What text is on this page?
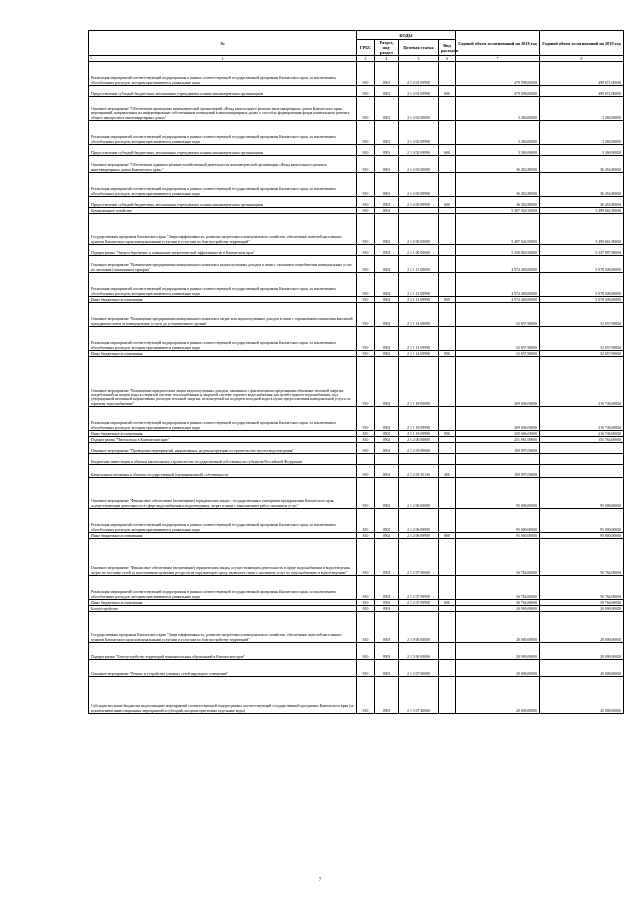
№	КОДЫ				Годовой объем ассигнований на 2018 год	Годовой объем ассигнований на 2019 год
	ГРБС	Раздел, под-раздел	Целевая статья	Вид расходов		

1 2	3	4	5	6	7	8
Реализация мероприятий соответствующей подпрограммы в рамках соответствующей государственной программы Камчатского края, за исключением обособленных расходов, которым присваиваются уникальные коды	810	0501	2 1 4 01 09990		479 598,00000	499 671,00000
Предоставление субсидий бюджетным, автономным учреждениям и иным некоммерческим организациям	810	0501	2 1 4 01 09990	600	479 598,00000	499 671,00000
Основное мероприятие "Обеспечение проведения некоммерческой организацией «Фонд капитального ремонта многоквартирных домов Камчатского края» мероприятий, направленных на информирование собственников помещений в многоквартирных домах о способах формирования фонда капитального ремонта общего имущества в многоквартирных домах"	810	0501	2 1 4 02 00000		3 260,00000	3 260,00000
Реализация мероприятий соответствующей подпрограммы в рамках соответствующей государственной программы Камчатского края, за исключением обособленных расходов, которым присваиваются уникальные коды	810	0501	2 1 4 02 09990		3 260,00000	3 260,00000
Предоставление субсидий бюджетным, автономным учреждениям и иным некоммерческим организациям	810	0501	2 1 4 02 09990	600	3 260,00000	3 260,00000
Основное мероприятие "Обеспечение административно-хозяйственной деятельности некоммерческой организации «Фонд капитального ремонта многоквартирных домов Камчатского края»"	810	0501	2 1 4 03 00000		36 452,80000	36 452,80000
Реализация мероприятий соответствующей подпрограммы в рамках соответствующей государственной программы Камчатского края, за исключением обособленных расходов, которым присваиваются уникальные коды	810	0501	2 1 4 03 09990		36 452,80000	36 452,80000
Предоставление субсидий бюджетным, автономным учреждениям и иным некоммерческим организациям	810	0501	2 1 4 03 09990	600	36 452,80000	36 452,80000
Коммунальное хозяйство	810	0502			5 487 924,93000	5 499 661,90000
Государственная программа Камчатского края "Энергоэффективность, развитие энергетики и коммунального хозяйства, обеспечение жителей населенных пунктов Камчатского края коммунальными услугами и услугами по благоустройству территорий"	810	0502	2 1 0 00 00000		5 487 924,93000	5 499 661,90000
Подпрограмма "Энергосбережение и повышение энергетической эффективности в Камчатском крае"	810	0502	2 1 1 00 00000		5 236 063,93000	5 347 897,90000
Основное мероприятие "Возмещение предприятиям коммунального комплекса недополученных доходов в связи с оказанием потребителям коммунальных услуг по льготным (сниженным) тарифам"	810	0502	2 1 1 13 00000		4 974 400,00000	5 078 500,00000
Реализация мероприятий соответствующей подпрограммы в рамках соответствующей государственной программы Камчатского края, за исключением обособленных расходов, которым присваиваются уникальные коды	810	0502	2 1 1 13 09990		4 974 400,00000	5 078 500,00000
Иные бюджетные ассигнования	810	0502	2 1 1 13 09990	800	4 974 400,00000	5 078 500,00000
Основное мероприятие "Возмещение предприятиям коммунального комплекса затрат или недополученных доходов в связи с ограничением изменения вносимой гражданами платы за коммунальные услуги до установленного уровня"	810	0502	2 1 1 14 00000		52 657,90000	52 657,90000
Реализация мероприятий соответствующей подпрограммы в рамках соответствующей государственной программы Камчатского края, за исключением обособленных расходов, которым присваиваются уникальные коды	810	0502	2 1 1 14 09990		52 657,90000	52 657,90000
Иные бюджетные ассигнования	810	0502	2 1 1 14 09990	800	52 657,90000	52 657,90000
Основное мероприятие "Возмещение юридическим лицам недополученных доходов, связанных с фактическими предельными объемами тепловой энергии, потребленной на нагрев воды в открытой системе теплоснабжения и закрытой системе горячего водоснабжения для целей горячего водоснабжения, под утвержденной величиной нормативных расходов тепловой энергии, используемой на подогрев холодной воды в целях предоставления коммунальной услуги по горячему водоснабжению"	810	0502	2 1 1 18 00000		209 006,03000	216 740,00000
Реализация мероприятий соответствующей подпрограммы в рамках соответствующей государственной программы Камчатского края, за исключением обособленных расходов, которым присваиваются уникальные коды	810	0502	2 1 1 18 09990		209 006,03000	216 740,00000
Иные бюджетные ассигнования	810	0502	2 1 1 18 09990	800	209 006,03000	216 740,00000
Подпрограмма "Чистая вода в Камчатском крае"	810	0502	2 1 2 00 00000		251 861,00000	151 764,00000
Основное мероприятие "Проведение мероприятий, направленных на реконструкцию и строительство систем водоотведения"	810	0502	2 1 2 03 00000		100 097,03000	
Бюджетные инвестиции в объекты капитального строительства государственной собственности субъектов Российской Федерации						
Капитальные вложения в объекты государственной (муниципальной) собственности	810	0502	2 1 2 03 10130	400	100 097,03000	
Основное мероприятие "Финансовое обеспечение (возмещение) юридическим лицам - государственным унитарным предприятиям Камчатского края, осуществляющим деятельность в сфере водоснабжения и водоотведения, затрат в связи с выполнением работ, оказанием услуг"	810	0502	2 1 2 06 00000		95 000,00000	95 000,00000
Реализация мероприятий соответствующей подпрограммы в рамках соответствующей государственной программы Камчатского края, за исключением обособленных расходов, которым присваиваются уникальные коды	810	0502	2 1 2 06 09990		95 000,00000	95 000,00000
Иные бюджетные ассигнования	810	0502	2 1 2 06 09990	800	95 000,00000	95 000,00000
Основное мероприятие "Финансовое обеспечение (возмещение) юридическим лицам, осуществляющим деятельность в сфере водоснабжения и водоотведения, затрат по поставке сетей за населенными пунктами ресурсов на окружающую среду, включая в связи с оказанием услуг по водоснабжению и водоотведению"	810	0502	2 1 2 07 00000		56 764,00000	56 764,00000
Реализация мероприятий соответствующей подпрограммы в рамках соответствующей государственной программы Камчатского края, за исключением обособленных расходов, которым присваиваются уникальные коды	810	0502	2 1 2 07 09990		56 764,00000	56 764,00000
Иные бюджетные ассигнования	810	0502	2 1 2 07 09990	800	56 764,00000	56 764,00000
Благоустройство	810	0503			20 000,00000	20 000,00000
Государственная программа Камчатского края "Энергоэффективность, развитие энергетики и коммунального хозяйства, обеспечение жителей населенных пунктов Камчатского края коммунальными услугами и услугами по благоустройству территорий"	810	0503	2 1 0 00 00000		20 000,00000	20 000,00000
Подпрограмма "Благоустройство территорий муниципальных образований в Камчатском крае"	810	0503	2 1 3 00 00000		20 000,00000	20 000,00000
Основное мероприятие "Ремонт и устройство уличных сетей наружного освещения"	810	0503	2 1 3 07 00000		20 000,00000	20 000,00000
Субсидии местным бюджетам на реализацию мероприятий соответствующей подпрограммы соответствующей государственной программы Камчатского края (за исключением инвестиционных мероприятий и субсидий, которым присвоены отдельные коды)	810	0503	2 1 3 07 40060		20 000,00000	20 000,00000
7
